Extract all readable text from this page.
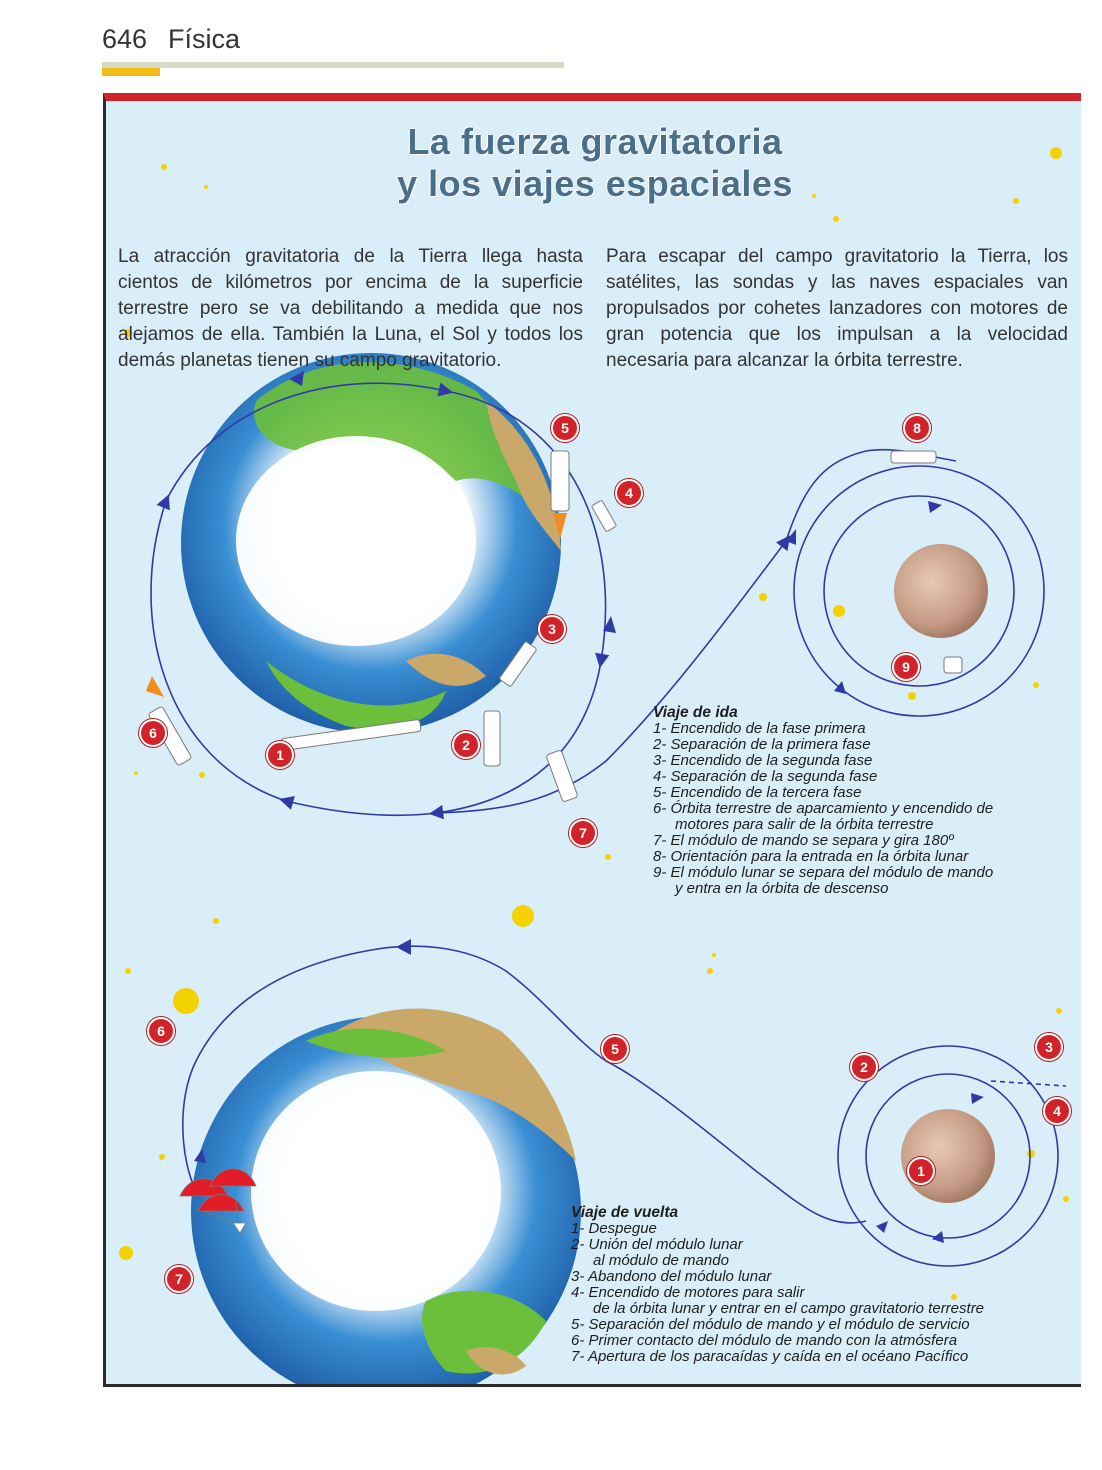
646 Física
La fuerza gravitatoria
y los viajes espaciales

La atracción gravitatoria de la Tierra llega hasta cientos de kilómetros por encima de la superficie terrestre pero se va debilitando a medida que nos alejamos de ella. También la Luna, el Sol y todos los demás planetas tienen su campo gravitatorio.

Para escapar del campo gravitatorio la Tierra, los satélites, las sondas y las naves espaciales van propulsados por cohetes lanzadores con motores de gran potencia que los impulsan a la velocidad necesaria para alcanzar la órbita terrestre.

1
2
3
4
5
6
7
8
9
1
2
3
4
5
6
7
Viaje de ida
1- Encendido de la fase primera
2- Separación de la primera fase
3- Encendido de la segunda fase
4- Separación de la segunda fase
5- Encendido de la tercera fase
6- Órbita terrestre de aparcamiento y encendido de
motores para salir de la órbita terrestre
7- El módulo de mando se separa y gira 180º
8- Orientación para la entrada en la órbita lunar
9- El módulo lunar se separa del módulo de mando
y entra en la órbita de descenso
Viaje de vuelta
1- Despegue
2- Unión del módulo lunar
al módulo de mando
3- Abandono del módulo lunar
4- Encendido de motores para salir
de la órbita lunar y entrar en el campo gravitatorio terrestre
5- Separación del módulo de mando y el módulo de servicio
6- Primer contacto del módulo de mando con la atmósfera
7- Apertura de los paracaídas y caída en el océano Pacífico
